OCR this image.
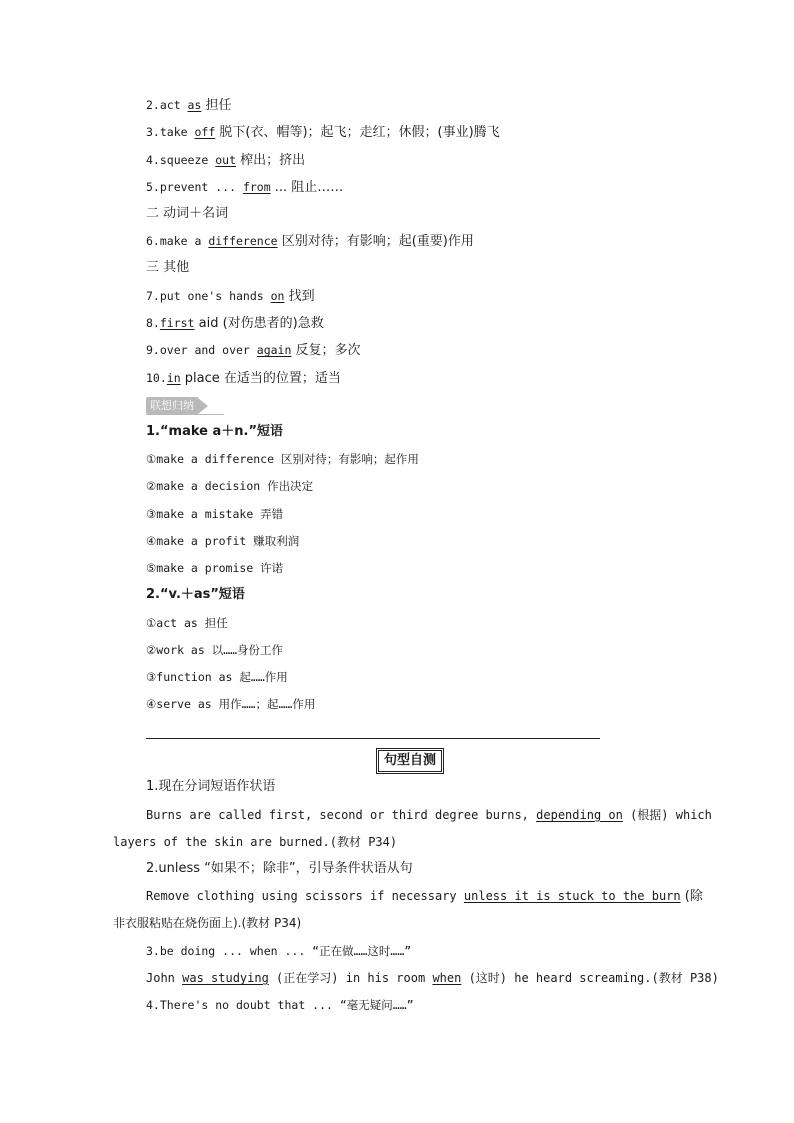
2.act as 担任
3.take off 脱下(衣、帽等)；起飞；走红；休假；(事业)腾飞
4.squeeze out 榨出；挤出
5.prevent ... from ... 阻止……
二 动词＋名词
6.make a difference 区别对待；有影响；起(重要)作用
三 其他
7.put one's hands on 找到
8.first aid (对伤患者的)急救
9.over and over again 反复；多次
10.in place 在适当的位置；适当
联想归纳
1.“make a＋n.”短语
①make a difference 区别对待；有影响；起作用
②make a decision 作出决定
③make a mistake 弄错
④make a profit 赚取利润
⑤make a promise 许诺
2.“v.＋as”短语
①act as 担任
②work as 以……身份工作
③function as 起……作用
④serve as 用作……；起……作用
句型自测
1.现在分词短语作状语
Burns are called first, second or third degree burns, depending on (根据) which
layers of the skin are burned.(教材 P34)
2.unless “如果不；除非”，引导条件状语从句
Remove clothing using scissors if necessary unless_it_is_stuck_to_the_burn (除
非衣服粘贴在烧伤面上).(教材 P34)
3.be doing ... when ... “正在做……这时……”
John was studying (正在学习) in his room when (这时) he heard screaming.(教材 P38)
4.There's no doubt that ... “毫无疑问……”
